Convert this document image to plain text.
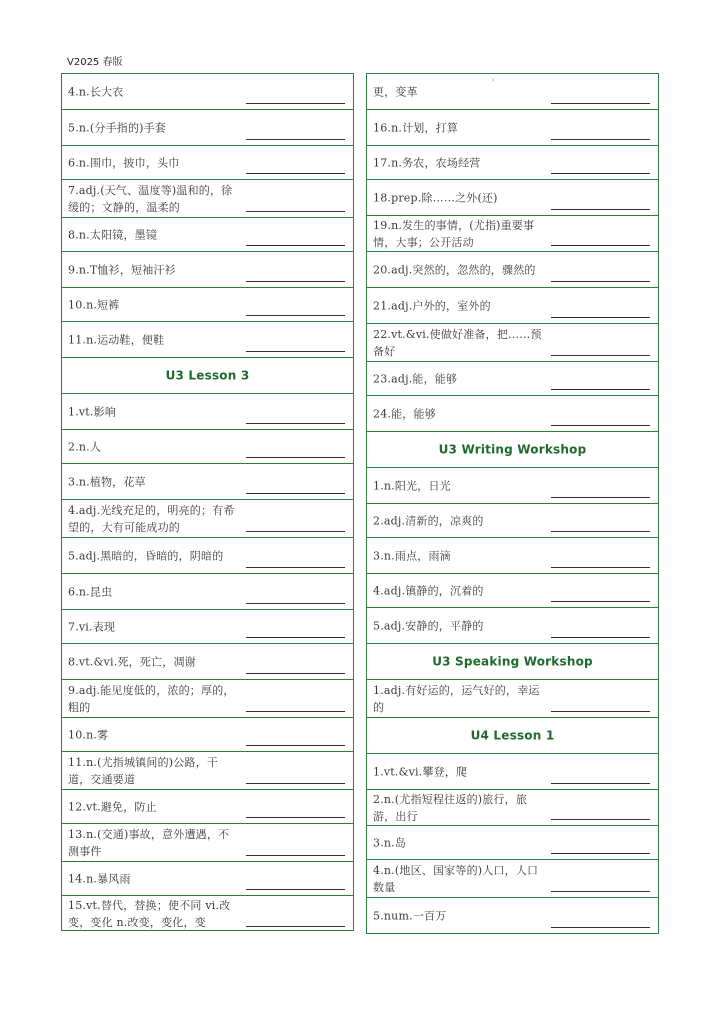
V2025 春版
'
4.n.长大衣
5.n.(分手指的)手套
6.n.围巾，披巾，头巾
7.adj.(天气、温度等)温和的，徐缓的；文静的，温柔的
8.n.太阳镜，墨镜
9.n.T恤衫，短袖汗衫
10.n.短裤
11.n.运动鞋，便鞋
U3 Lesson 3
1.vt.影响
2.n.人
3.n.植物，花草
4.adj.光线充足的，明亮的；有希望的，大有可能成功的
5.adj.黑暗的，昏暗的，阴暗的
6.n.昆虫
7.vi.表现
8.vt.&vi.死，死亡，凋谢
9.adj.能见度低的，浓的；厚的，粗的
10.n.雾
11.n.(尤指城镇间的)公路，干道，交通要道
12.vt.避免，防止
13.n.(交通)事故，意外遭遇，不测事件
14.n.暴风雨
15.vt.替代，替换；使不同 vi.改变，变化 n.改变，变化，变
更，变革
16.n.计划，打算
17.n.务农，农场经营
18.prep.除……之外(还)
19.n.发生的事情，(尤指)重要事情，大事；公开活动
20.adj.突然的，忽然的，骤然的
21.adj.户外的，室外的
22.vt.&vi.使做好准备，把……预备好
23.adj.能，能够
24.能，能够
U3 Writing Workshop
1.n.阳光，日光
2.adj.清新的，凉爽的
3.n.雨点，雨滴
4.adj.镇静的，沉着的
5.adj.安静的，平静的
U3 Speaking Workshop
1.adj.有好运的，运气好的，幸运的
U4 Lesson 1
1.vt.&vi.攀登，爬
2.n.(尤指短程往返的)旅行，旅游，出行
3.n.岛
4.n.(地区、国家等的)人口，人口数量
5.num.一百万
